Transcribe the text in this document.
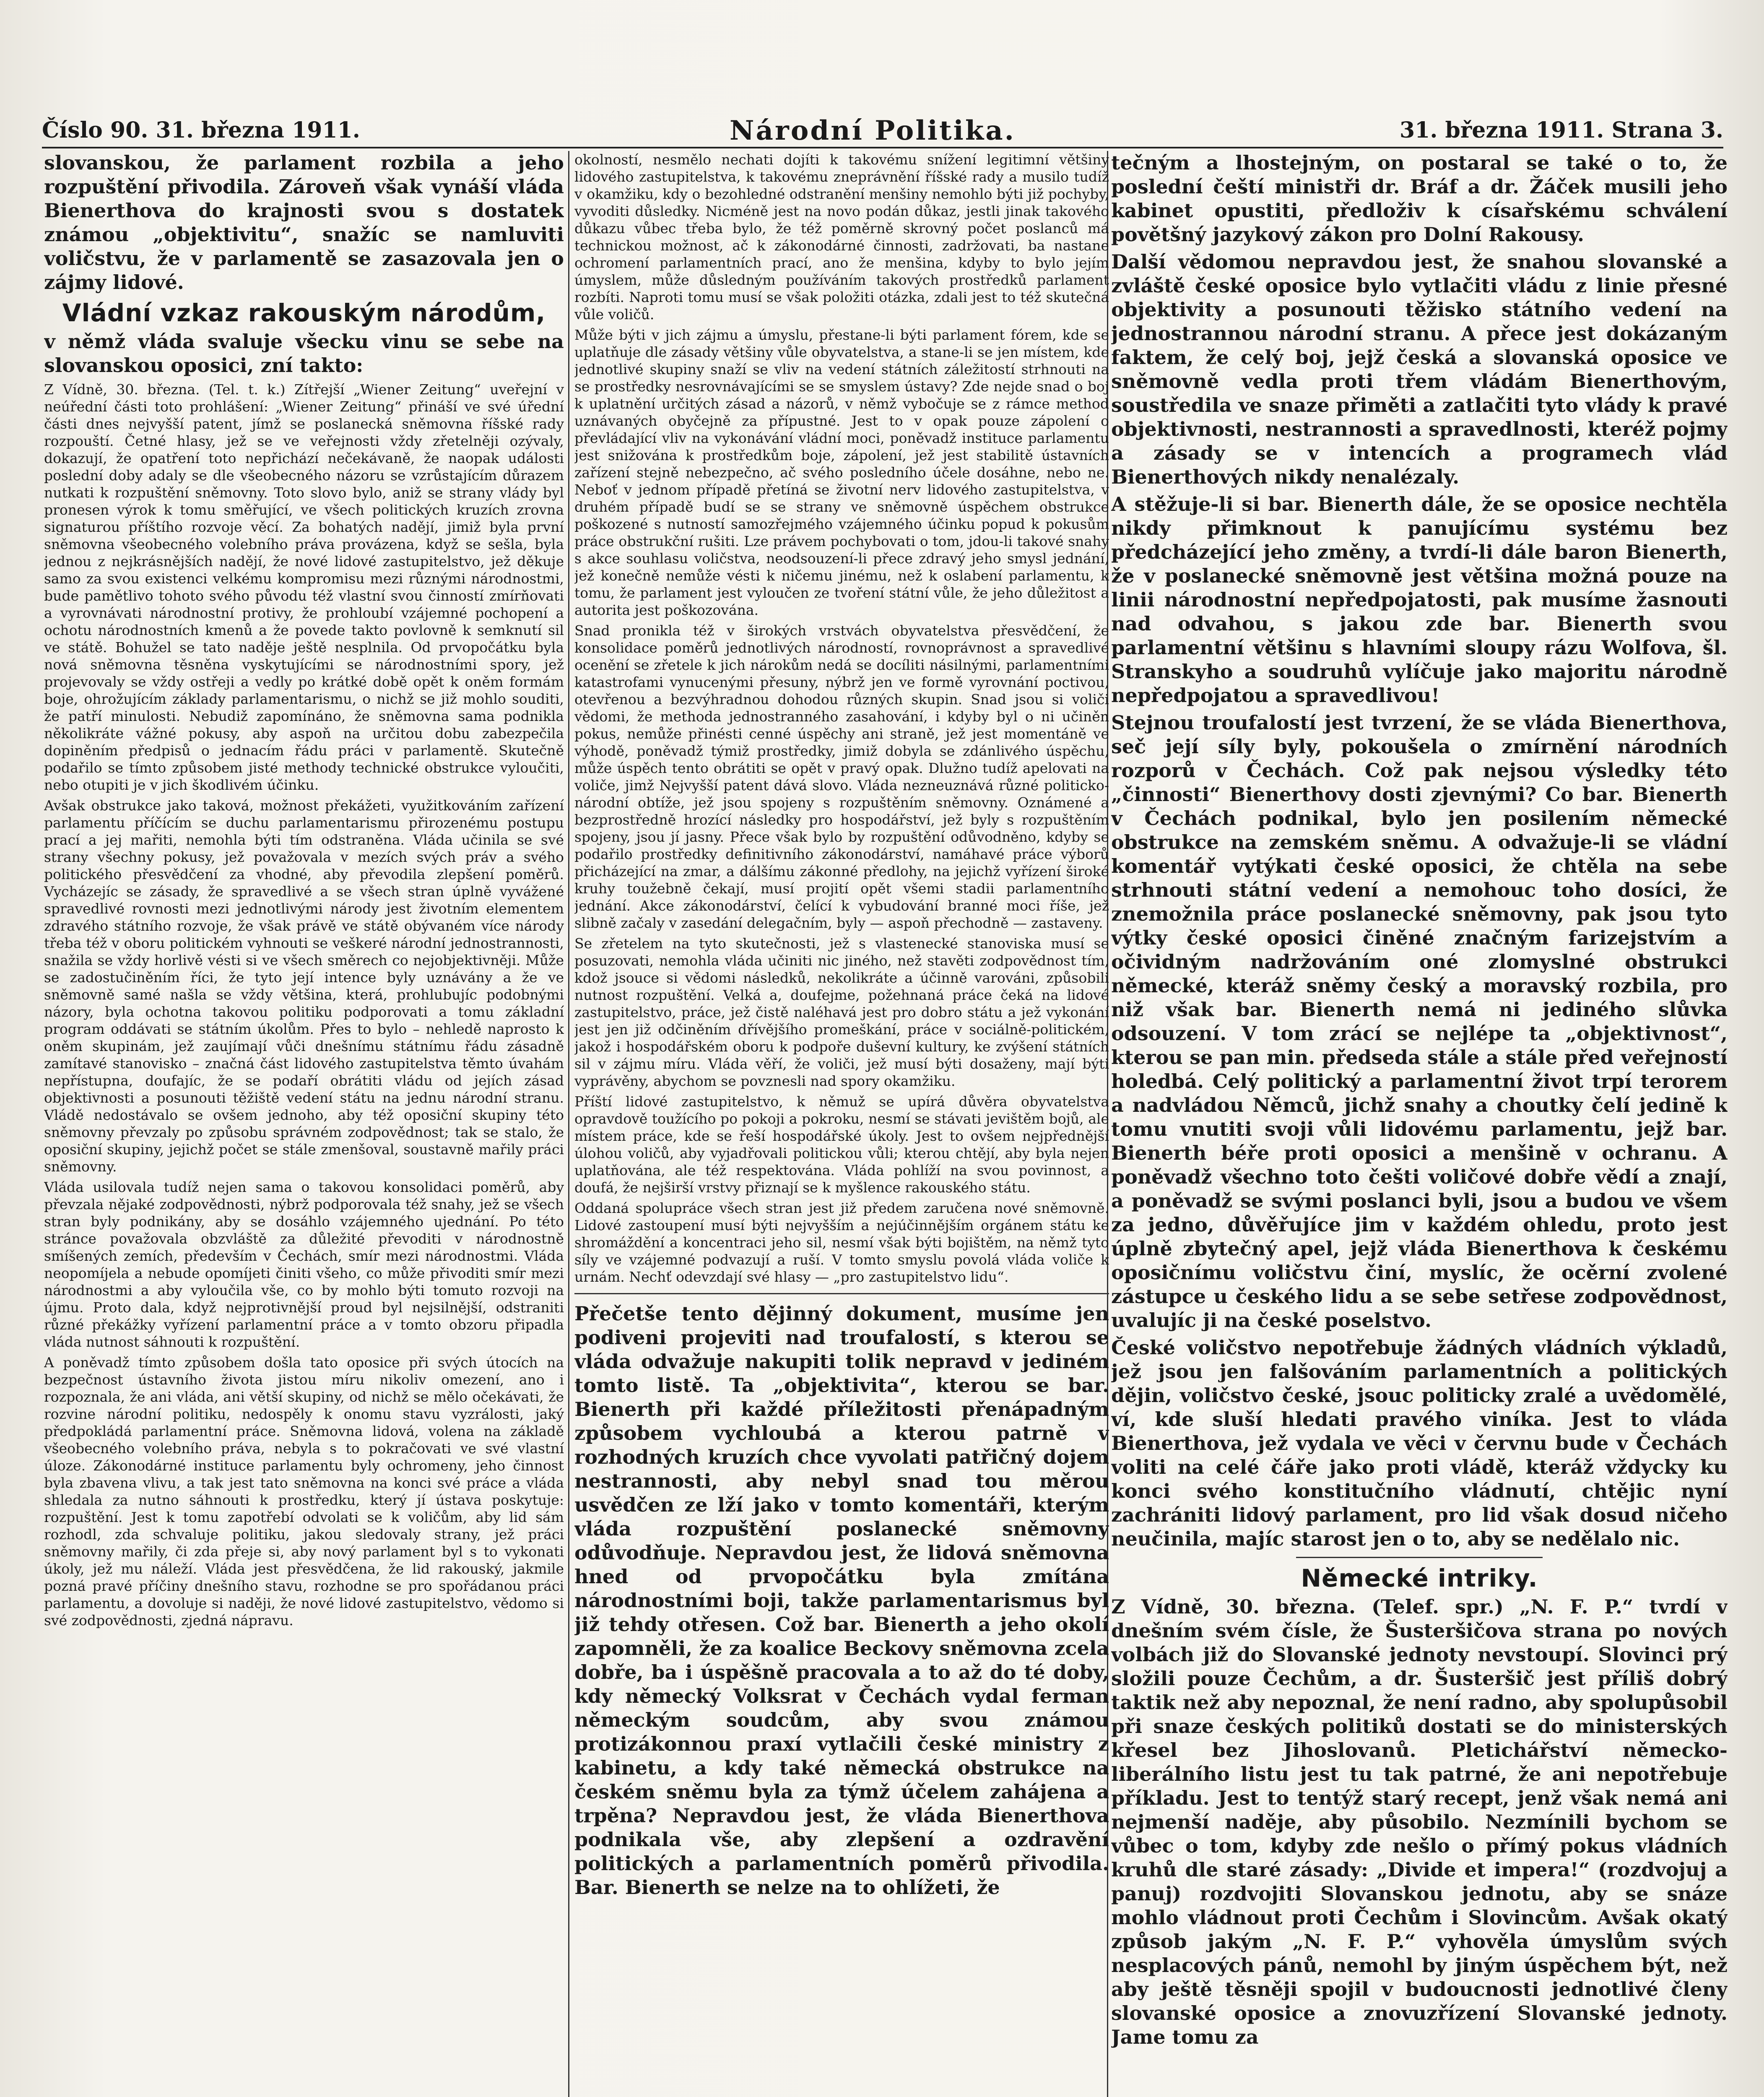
Číslo 90. 31. března 1911.	Národní Politika.	31. března 1911. Strana 3.

slovanskou, že parlament rozbila a jeho rozpuštění přivodila. Zároveň však vynáší vláda Bienerthova do krajnosti svou s dostatek známou „objektivitu“, snažíc se namluviti voličstvu, že v parlamentě se zasazovala jen o zájmy lidové.

Vládní vzkaz rakouským národům,

v němž vláda svaluje všecku vinu se sebe na slovanskou oposici, zní takto:

Z Vídně, 30. března. (Tel. t. k.) Zítřejší „Wiener Zeitung“ uveřejní v neúřední části toto prohlášení: „Wiener Zeitung“ přináší ve své úřední části dnes nejvyšší patent, jímž se poslanecká sněmovna říšské rady rozpouští. Četné hlasy, jež se ve veřejnosti vždy zřetelněji ozývaly, dokazují, že opatření toto nepřichází nečekávaně, že naopak události poslední doby adaly se dle všeobecného názoru se vzrůstajícím důrazem nutkati k rozpuštění sněmovny. Toto slovo bylo, aniž se strany vlády byl pronesen výrok k tomu směřující, ve všech politických kruzích zrovna signaturou příštího rozvoje věcí. Za bohatých nadějí, jimiž byla první sněmovna všeobecného volebního práva provázena, když se sešla, byla jednou z nejkrásnějších nadějí, že nové lidové zastupitelstvo, jež děkuje samo za svou existenci velkému kompromisu mezi různými národnostmi, bude pamětlivo tohoto svého původu též vlastní svou činností zmírňovati a vyrovnávati národnostní protivy, že prohloubí vzájemné pochopení a ochotu národnostních kmenů a že povede takto povlovně k semknutí sil ve státě. Bohužel se tato naděje ještě nesplnila. Od prvopočátku byla nová sněmovna těsněna vyskytujícími se národnostními spory, jež projevovaly se vždy ostřeji a vedly po krátké době opět k oněm formám boje, ohrožujícím základy parlamentarismu, o nichž se již mohlo souditi, že patří minulosti. Nebudiž zapomínáno, že sněmovna sama podnikla několikráte vážné pokusy, aby aspoň na určitou dobu zabezpečila dopiněním předpisů o jednacím řádu práci v parlamentě. Skutečně podařilo se tímto způsobem jisté methody technické obstrukce vyloučiti, nebo otupiti je v jich škodlivém účinku.

Avšak obstrukce jako taková, možnost překážeti, využitkováním zařízení parlamentu příčícím se duchu parlamentarismu přirozenému postupu prací a jej mařiti, nemohla býti tím odstraněna. Vláda učinila se své strany všechny pokusy, jež považovala v mezích svých práv a svého politického přesvědčení za vhodné, aby převodila zlepšení poměrů. Vycházejíc se zásady, že spravedlivé a se všech stran úplně vyvážené spravedlivé rovnosti mezi jednotlivými národy jest životním elementem zdravého státního rozvoje, že však právě ve státě obývaném více národy třeba též v oboru politickém vyhnouti se veškeré národní jednostrannosti, snažila se vždy horlivě vésti si ve všech směrech co nejobjektivněji. Může se zadostučiněním říci, že tyto její intence byly uznávány a že ve sněmovně samé našla se vždy většina, která, prohlubujíc podobnými názory, byla ochotna takovou politiku podporovati a tomu základní program oddávati se státním úkolům. Přes to bylo – nehledě naprosto k oněm skupinám, jež zaujímají vůči dnešnímu státnímu řádu zásadně zamítavé stanovisko – značná část lidového zastupitelstva těmto úvahám nepřístupna, doufajíc, že se podaří obrátiti vládu od jejích zásad objektivnosti a posunouti těžiště vedení státu na jednu národní stranu. Vládě nedostávalo se ovšem jednoho, aby též oposiční skupiny této sněmovny převzaly po způsobu správném zodpovědnost; tak se stalo, že oposiční skupiny, jejichž počet se stále zmenšoval, soustavně mařily práci sněmovny.

Vláda usilovala tudíž nejen sama o takovou konsolidaci poměrů, aby převzala nějaké zodpovědnosti, nýbrž podporovala též snahy, jež se všech stran byly podnikány, aby se dosáhlo vzájemného ujednání. Po této stránce považovala obzvláště za důležité převoditi v národnostně smíšených zemích, především v Čechách, smír mezi národnostmi. Vláda neopomíjela a nebude opomíjeti činiti všeho, co může přivoditi smír mezi národnostmi a aby vyloučila vše, co by mohlo býti tomuto rozvoji na újmu. Proto dala, když nejprotivnější proud byl nejsilnější, odstraniti různé překážky vyřízení parlamentní práce a v tomto obzoru připadla vláda nutnost sáhnouti k rozpuštění.

A poněvadž tímto způsobem došla tato oposice při svých útocích na bezpečnost ústavního života jistou míru nikoliv omezení, ano i rozpoznala, že ani vláda, ani větší skupiny, od nichž se mělo očekávati, že rozvine národní politiku, nedospěly k onomu stavu vyzrálosti, jaký předpokládá parlamentní práce. Sněmovna lidová, volena na základě všeobecného volebního práva, nebyla s to pokračovati ve své vlastní úloze. Zákonodárné instituce parlamentu byly ochromeny, jeho činnost byla zbavena vlivu, a tak jest tato sněmovna na konci své práce a vláda shledala za nutno sáhnouti k prostředku, který jí ústava poskytuje: rozpuštění. Jest k tomu zapotřebí odvolati se k voličům, aby lid sám rozhodl, zda schvaluje politiku, jakou sledovaly strany, jež práci sněmovny mařily, či zda přeje si, aby nový parlament byl s to vykonati úkoly, jež mu náleží. Vláda jest přesvědčena, že lid rakouský, jakmile pozná pravé příčiny dnešního stavu, rozhodne se pro spořádanou práci parlamentu, a dovoluje si naději, že nové lidové zastupitelstvo, vědomo si své zodpovědnosti, zjedná nápravu.

okolností, nesmělo nechati dojíti k takovému snížení legitimní většiny lidového zastupitelstva, k takovému zneprávnění říšské rady a musilo tudíž v okamžiku, kdy o bezohledné odstranění menšiny nemohlo býti již pochyby, vyvoditi důsledky. Nicméně jest na novo podán důkaz, jestli jinak takového důkazu vůbec třeba bylo, že též poměrně skrovný počet poslanců má technickou možnost, ač k zákonodárné činnosti, zadržovati, ba nastane ochromení parlamentních prací, ano že menšina, kdyby to bylo jejím úmyslem, může důsledným používáním takových prostředků parlament rozbíti. Naproti tomu musí se však položiti otázka, zdali jest to též skutečná vůle voličů.

Může býti v jich zájmu a úmyslu, přestane-li býti parlament fórem, kde se uplatňuje dle zásady většiny vůle obyvatelstva, a stane-li se jen místem, kde jednotlivé skupiny snaží se vliv na vedení státních záležitostí strhnouti na se prostředky nesrovnávajícími se se smyslem ústavy? Zde nejde snad o boj k uplatnění určitých zásad a názorů, v němž vybočuje se z rámce method uznávaných obyčejně za přípustné. Jest to v opak pouze zápolení o převládající vliv na vykonávání vládní moci, poněvadž instituce parlamentu jest snižována k prostředkům boje, zápolení, jež jest stabilitě ústavních zařízení stejně nebezpečno, ač svého posledního účele dosáhne, nebo ne. Neboť v jednom případě přetíná se životní nerv lidového zastupitelstva, v druhém případě budí se se strany ve sněmovně úspěchem obstrukce poškozené s nutností samozřejmého vzájemného účinku popud k pokusům práce obstrukční rušiti. Lze právem pochybovati o tom, jdou-li takové snahy s akce souhlasu voličstva, neodsouzení-li přece zdravý jeho smysl jednání, jež konečně nemůže vésti k ničemu jinému, než k oslabení parlamentu, k tomu, že parlament jest vyloučen ze tvoření státní vůle, že jeho důležitost a autorita jest poškozována.

Snad pronikla též v širokých vrstvách obyvatelstva přesvědčení, že konsolidace poměrů jednotlivých národností, rovnoprávnost a spravedlivé ocenění se zřetele k jich nárokům nedá se docíliti násilnými, parlamentními katastrofami vynucenými přesuny, nýbrž jen ve formě vyrovnání poctivou, otevřenou a bezvýhradnou dohodou různých skupin. Snad jsou si voliči vědomi, že methoda jednostranného zasahování, i kdyby byl o ni učiněn pokus, nemůže přinésti cenné úspěchy ani straně, jež jest momentáně ve výhodě, poněvadž týmiž prostředky, jimiž dobyla se zdánlivého úspěchu, může úspěch tento obrátiti se opět v pravý opak. Dlužno tudíž apelovati na voliče, jimž Nejvyšší patent dává slovo. Vláda nezneuznává různé politicko-národní obtíže, jež jsou spojeny s rozpuštěním sněmovny. Oznámené a bezprostředně hrozící následky pro hospodářství, jež byly s rozpuštěním spojeny, jsou jí jasny. Přece však bylo by rozpuštění odůvodněno, kdyby se podařilo prostředky definitivního zákonodárství, namáhavé práce výborů přicházející na zmar, a dálšímu zákonné předlohy, na jejichž vyřízení široké kruhy toužebně čekají, musí projití opět všemi stadii parlamentního jednání. Akce zákonodárství, čelící k vybudování branné moci říše, jež slibně začaly v zasedání delegačním, byly — aspoň přechodně — zastaveny.

Se zřetelem na tyto skutečnosti, jež s vlastenecké stanoviska musí se posuzovati, nemohla vláda učiniti nic jiného, než stavěti zodpovědnost tím, kdož jsouce si vědomi následků, nekolikráte a účinně varováni, způsobili nutnost rozpuštění. Velká a, doufejme, požehnaná práce čeká na lidové zastupitelstvo, práce, jež čistě naléhavá jest pro dobro státu a jež vykonání jest jen již odčiněním dřívějšího promeškání, práce v sociálně-politickém, jakož i hospodářském oboru k podpoře duševní kultury, ke zvýšení státních sil v zájmu míru. Vláda věří, že voliči, jež musí býti dosaženy, mají býti vyprávěny, abychom se povznesli nad spory okamžiku.

Příští lidové zastupitelstvo, k němuž se upírá důvěra obyvatelstva opravdově toužícího po pokoji a pokroku, nesmí se stávati jevištěm bojů, ale místem práce, kde se řeší hospodářské úkoly. Jest to ovšem nejpřednější úlohou voličů, aby vyjadřovali politickou vůli; kterou chtějí, aby byla nejen uplatňována, ale též respektována. Vláda pohlíží na svou povinnost, a doufá, že nejširší vrstvy přiznají se k myšlence rakouského státu.

Oddaná spolupráce všech stran jest již předem zaručena nové sněmovně. Lidové zastoupení musí býti nejvyšším a nejúčinnějším orgánem státu ke shromáždění a koncentraci jeho sil, nesmí však býti bojištěm, na němž tyto síly ve vzájemné podvazují a ruší. V tomto smyslu povolá vláda voliče k urnám. Nechť odevzdají své hlasy — „pro zastupitelstvo lidu“.

Přečetše tento dějinný dokument, musíme jen podiveni projeviti nad troufalostí, s kterou se vláda odvažuje nakupiti tolik nepravd v jediném tomto listě. Ta „objektivita“, kterou se bar. Bienerth při každé příležitosti přenápadným způsobem vychloubá a kterou patrně v rozhodných kruzích chce vyvolati patřičný dojem nestrannosti, aby nebyl snad tou měrou usvědčen ze lží jako v tomto komentáři, kterým vláda rozpuštění poslanecké sněmovny odůvodňuje. Nepravdou jest, že lidová sněmovna hned od prvopočátku byla zmítána národnostními boji, takže parlamentarismus byl již tehdy otřesen. Což bar. Bienerth a jeho okolí zapomněli, že za koalice Beckovy sněmovna zcela dobře, ba i úspěšně pracovala a to až do té doby, kdy německý Volksrat v Čechách vydal ferman německým soudcům, aby svou známou protizákonnou praxí vytlačili české ministry z kabinetu, a kdy také německá obstrukce na českém sněmu byla za týmž účelem zahájena a trpěna? Nepravdou jest, že vláda Bienerthova podnikala vše, aby zlepšení a ozdravění politických a parlamentních poměrů přivodila. Bar. Bienerth se nelze na to ohlížeti, že

tečným a lhostejným, on postaral se také o to, že poslední čeští ministři dr. Bráf a dr. Žáček musili jeho kabinet opustiti, předloživ k císařskému schválení povětšný jazykový zákon pro Dolní Rakousy.

Další vědomou nepravdou jest, že snahou slovanské a zvláště české oposice bylo vytlačiti vládu z linie přesné objektivity a posunouti těžisko státního vedení na jednostrannou národní stranu. A přece jest dokázaným faktem, že celý boj, jejž česká a slovanská oposice ve sněmovně vedla proti třem vládám Bienerthovým, soustředila ve snaze přiměti a zatlačiti tyto vlády k pravé objektivnosti, nestrannosti a spravedlnosti, kteréž pojmy a zásady se v intencích a programech vlád Bienerthových nikdy nenalézaly.

A stěžuje-li si bar. Bienerth dále, že se oposice nechtěla nikdy přimknout k panujícímu systému bez předcházející jeho změny, a tvrdí-li dále baron Bienerth, že v poslanecké sněmovně jest většina možná pouze na linii národnostní nepředpojatosti, pak musíme žasnouti nad odvahou, s jakou zde bar. Bienerth svou parlamentní většinu s hlavními sloupy rázu Wolfova, šl. Stranskyho a soudruhů vylíčuje jako majoritu národně nepředpojatou a spravedlivou!

Stejnou troufalostí jest tvrzení, že se vláda Bienerthova, seč její síly byly, pokoušela o zmírnění národních rozporů v Čechách. Což pak nejsou výsledky této „činnosti“ Bienerthovy dosti zjevnými? Co bar. Bienerth v Čechách podnikal, bylo jen posilením německé obstrukce na zemském sněmu. A odvažuje-li se vládní komentář vytýkati české oposici, že chtěla na sebe strhnouti státní vedení a nemohouc toho dosíci, že znemožnila práce poslanecké sněmovny, pak jsou tyto výtky české oposici činěné značným farizejstvím a očividným nadržováním oné zlomyslné obstrukci německé, kteráž sněmy český a moravský rozbila, pro niž však bar. Bienerth nemá ni jediného slůvka odsouzení. V tom zrácí se nejlépe ta „objektivnost“, kterou se pan min. předseda stále a stále před veřejností holedbá. Celý politický a parlamentní život trpí terorem a nadvládou Němců, jichž snahy a choutky čelí jedině k tomu vnutiti svoji vůli lidovému parlamentu, jejž bar. Bienerth béře proti oposici a menšině v ochranu. A poněvadž všechno toto češti voličové dobře vědí a znají, a poněvadž se svými poslanci byli, jsou a budou ve všem za jedno, důvěřujíce jim v každém ohledu, proto jest úplně zbytečný apel, jejž vláda Bienerthova k českému oposičnímu voličstvu činí, myslíc, že ocěrní zvolené zástupce u českého lidu a se sebe setřese zodpovědnost, uvalujíc ji na české poselstvo.

České voličstvo nepotřebuje žádných vládních výkladů, jež jsou jen falšováním parlamentních a politických dějin, voličstvo české, jsouc politicky zralé a uvědomělé, ví, kde sluší hledati pravého viníka. Jest to vláda Bienerthova, jež vydala ve věci v červnu bude v Čechách voliti na celé čáře jako proti vládě, kteráž vždycky ku konci svého konstitučního vládnutí, chtějic nyní zachrániti lidový parlament, pro lid však dosud ničeho neučinila, majíc starost jen o to, aby se nedělalo nic.

Německé intriky.

Z Vídně, 30. března. (Telef. spr.) „N. F. P.“ tvrdí v dnešním svém čísle, že Šusteršičova strana po nových volbách již do Slovanské jednoty nevstoupí. Slovinci prý složili pouze Čechům, a dr. Šusteršič jest příliš dobrý taktik než aby nepoznal, že není radno, aby spolupůsobil při snaze českých politiků dostati se do ministerských křesel bez Jihoslovanů. Pletichářství německo-liberálního listu jest tu tak patrné, že ani nepotřebuje příkladu. Jest to tentýž starý recept, jenž však nemá ani nejmenší naděje, aby působilo. Nezmínili bychom se vůbec o tom, kdyby zde nešlo o přímý pokus vládních kruhů dle staré zásady: „Divide et impera!“ (rozdvojuj a panuj) rozdvojiti Slovanskou jednotu, aby se snáze mohlo vládnout proti Čechům i Slovincům. Avšak okatý způsob jakým „N. F. P.“ vyhověla úmyslům svých nesplacových pánů, nemohl by jiným úspěchem být, než aby ještě těsněji spojil v budoucnosti jednotlivé členy slovanské oposice a znovuzřízení Slovanské jednoty. Jame tomu za
